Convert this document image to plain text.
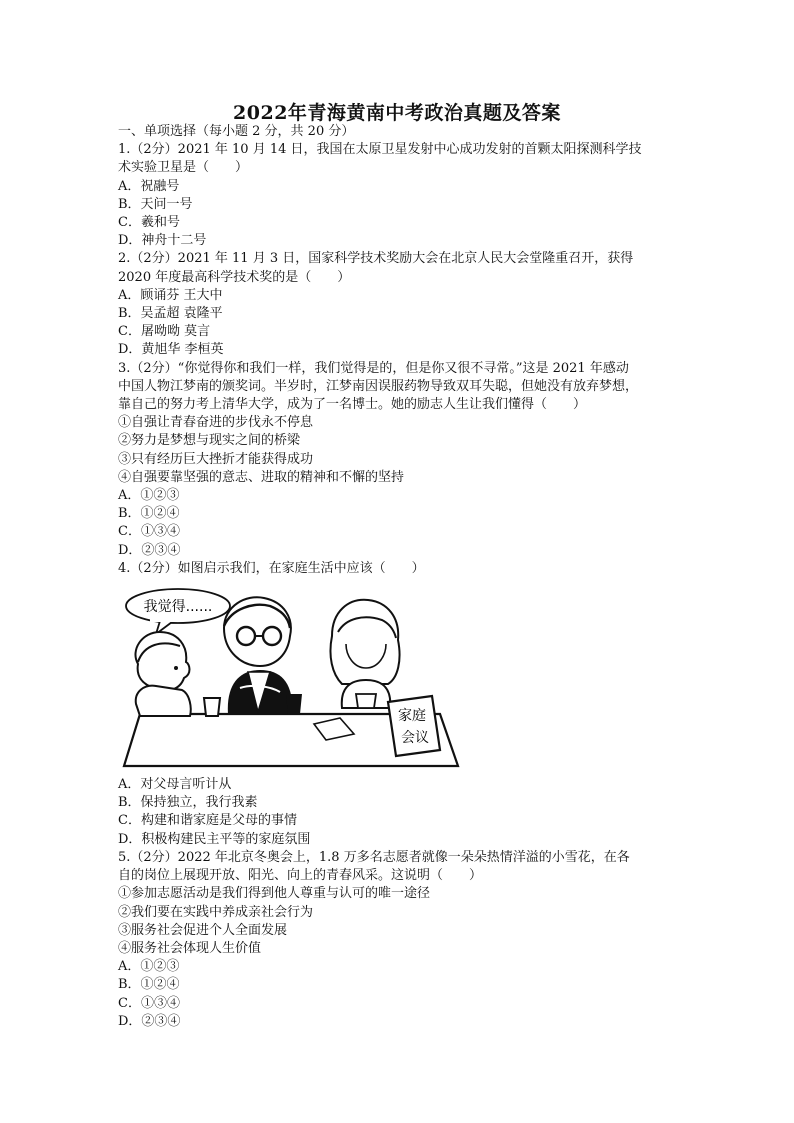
2022年青海黄南中考政治真题及答案
一、单项选择（每小题 2 分，共 20 分）
1.（2分）2021 年 10 月 14 日，我国在太原卫星发射中心成功发射的首颗太阳探测科学技
术实验卫星是（　　）
A．祝融号
B．天问一号
C．羲和号
D．神舟十二号
2.（2分）2021 年 11 月 3 日，国家科学技术奖励大会在北京人民大会堂隆重召开，获得
2020 年度最高科学技术奖的是（　　）
A．顾诵芬 王大中
B．吴孟超 袁隆平
C．屠呦呦 莫言
D．黄旭华 李桓英
3.（2分）“你觉得你和我们一样，我们觉得是的，但是你又很不寻常。”这是 2021 年感动
中国人物江梦南的颁奖词。半岁时，江梦南因误服药物导致双耳失聪，但她没有放弃梦想，
靠自己的努力考上清华大学，成为了一名博士。她的励志人生让我们懂得（　　）
①自强让青春奋进的步伐永不停息
②努力是梦想与现实之间的桥梁
③只有经历巨大挫折才能获得成功
④自强要靠坚强的意志、进取的精神和不懈的坚持
A．①②③
B．①②④
C．①③④
D．②③④
4.（2分）如图启示我们，在家庭生活中应该（　　）
我觉得......
家庭
会议
A．对父母言听计从
B．保持独立，我行我素
C．构建和谐家庭是父母的事情
D．积极构建民主平等的家庭氛围
5.（2分）2022 年北京冬奥会上，1.8 万多名志愿者就像一朵朵热情洋溢的小雪花，在各
自的岗位上展现开放、阳光、向上的青春风采。这说明（　　）
①参加志愿活动是我们得到他人尊重与认可的唯一途径
②我们要在实践中养成亲社会行为
③服务社会促进个人全面发展
④服务社会体现人生价值
A．①②③
B．①②④
C．①③④
D．②③④
